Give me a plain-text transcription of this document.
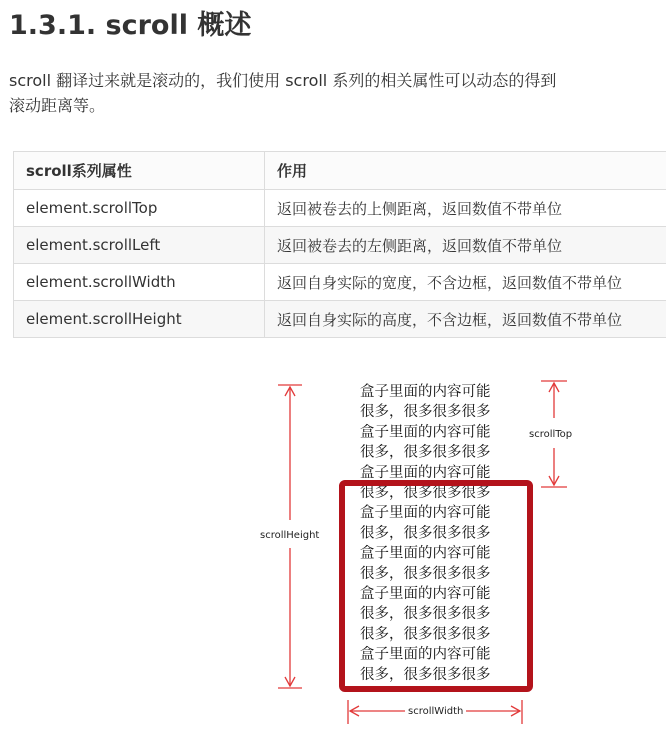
1.3.1. scroll 概述

scroll 翻译过来就是滚动的，我们使用 scroll 系列的相关属性可以动态的得到
滚动距离等。

scroll系列属性	作用
element.scrollTop	返回被卷去的上侧距离，返回数值不带单位
element.scrollLeft	返回被卷去的左侧距离，返回数值不带单位
element.scrollWidth	返回自身实际的宽度，不含边框，返回数值不带单位
element.scrollHeight	返回自身实际的高度，不含边框，返回数值不带单位
盒子里面的内容可能
很多，很多很多很多
盒子里面的内容可能
很多，很多很多很多
盒子里面的内容可能
很多，很多很多很多
盒子里面的内容可能
很多，很多很多很多
盒子里面的内容可能
很多，很多很多很多
盒子里面的内容可能
很多，很多很多很多
很多，很多很多很多
盒子里面的内容可能
很多，很多很多很多
scrollHeight
scrollTop
scrollWidth
